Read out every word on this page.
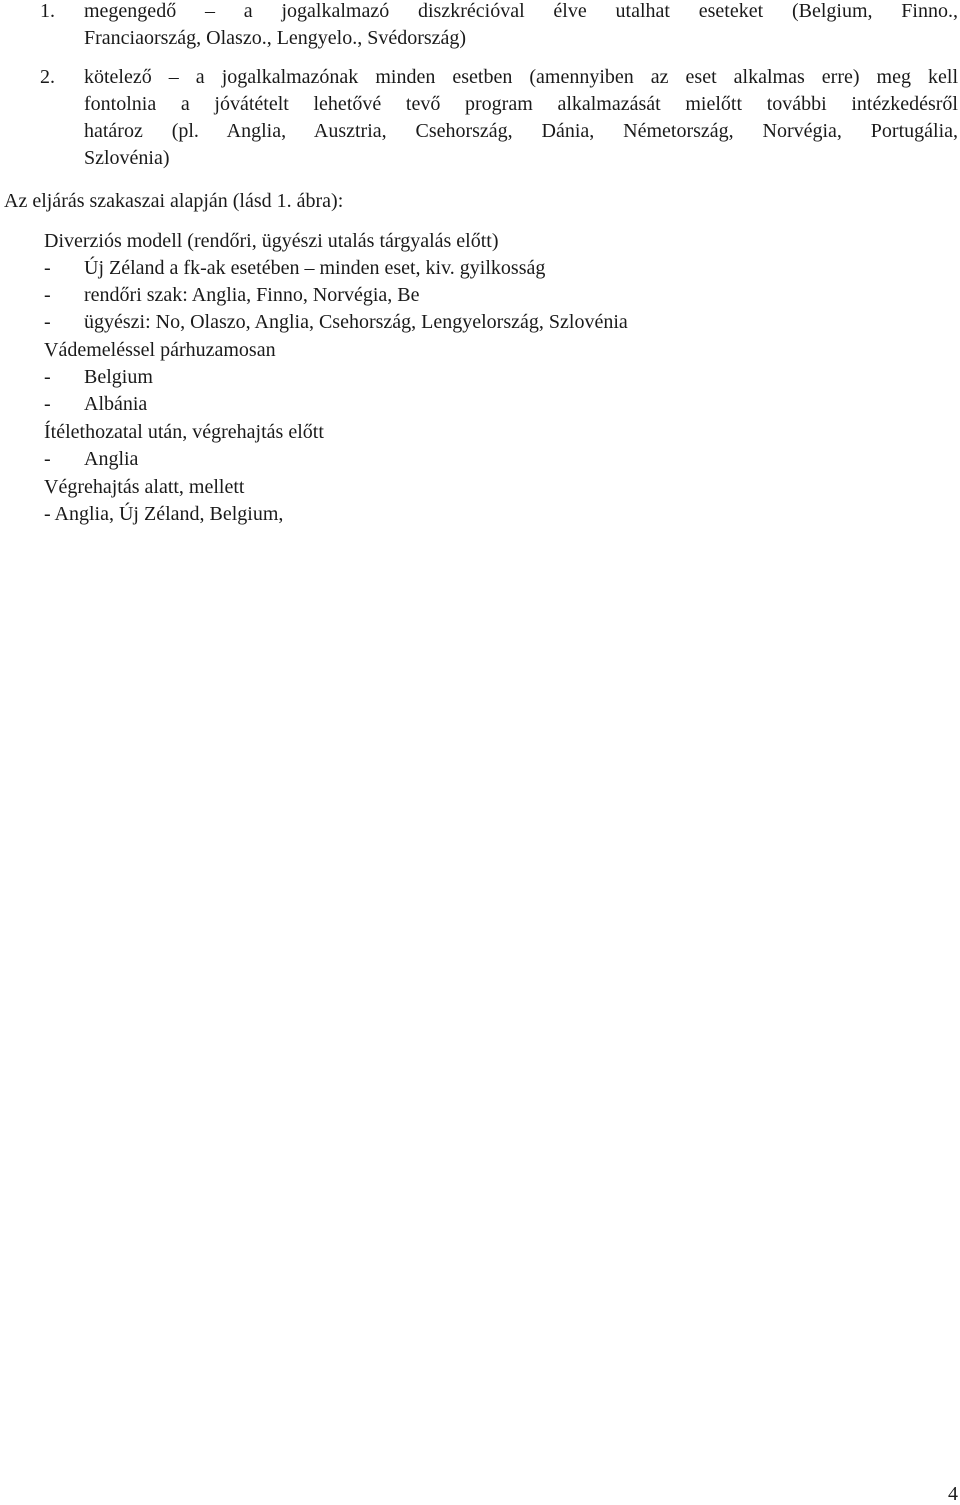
1. megengedő – a jogalkalmazó diszkrécióval élve utalhat eseteket (Belgium, Finno.,
Franciaország, Olaszo., Lengyelo., Svédország)
2. kötelező – a jogalkalmazónak minden esetben (amennyiben az eset alkalmas erre) meg kell
fontolnia a jóvátételt lehetővé tevő program alkalmazását mielőtt további intézkedésről
határoz (pl. Anglia, Ausztria, Csehország, Dánia, Németország, Norvégia, Portugália,
Szlovénia)
Az eljárás szakaszai alapján (lásd 1. ábra):
Diverziós modell (rendőri, ügyészi utalás tárgyalás előtt)
- Új Zéland a fk-ak esetében – minden eset, kiv. gyilkosság
- rendőri szak: Anglia, Finno, Norvégia, Be
- ügyészi: No, Olaszo, Anglia, Csehország, Lengyelország, Szlovénia
Vádemeléssel párhuzamosan
- Belgium
- Albánia
Ítélethozatal után, végrehajtás előtt
- Anglia
Végrehajtás alatt, mellett
- Anglia, Új Zéland, Belgium,
4
